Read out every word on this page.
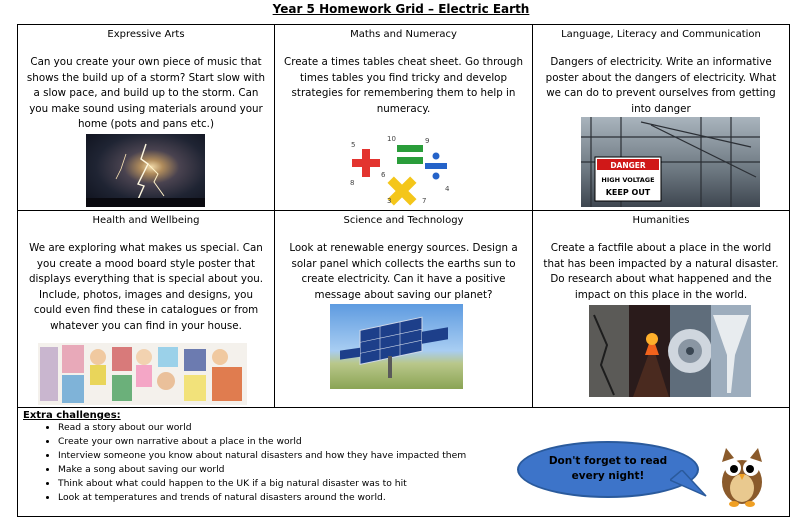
Year 5 Homework Grid – Electric Earth
Expressive Arts
Can you create your own piece of music that shows the build up of a storm? Start slow with a slow pace, and build up to the storm. Can you make sound using materials around your home (pots and pans etc.)
Maths and Numeracy
Create a times tables cheat sheet. Go through times tables you find tricky and develop strategies for remembering them to help in numeracy.
10	9
8
6
4
5
3	7
Language, Literacy and Communication
Dangers of electricity. Write an informative poster about the dangers of electricity. What we can do to prevent ourselves from getting into danger
DANGER
HIGH VOLTAGE
KEEP OUT
Health and Wellbeing
We are exploring what makes us special. Can you create a mood board style poster that displays everything that is special about you. Include, photos, images and designs, you could even find these in catalogues or from whatever you can find in your house.
Science and Technology
Look at renewable energy sources. Design a solar panel which collects the earths sun to create electricity. Can it have a positive message about saving our planet?
Humanities
Create a factfile about a place in the world that has been impacted by a natural disaster. Do research about what happened and the impact on this place in the world.
Extra challenges:
• Read a story about our world
• Create your own narrative about a place in the world
• Interview someone you know about natural disasters and how they have impacted them
• Make a song about saving our world
• Think about what could happen to the UK if a big natural disaster was to hit
• Look at temperatures and trends of natural disasters around the world.
Don't forget to read
every night!
